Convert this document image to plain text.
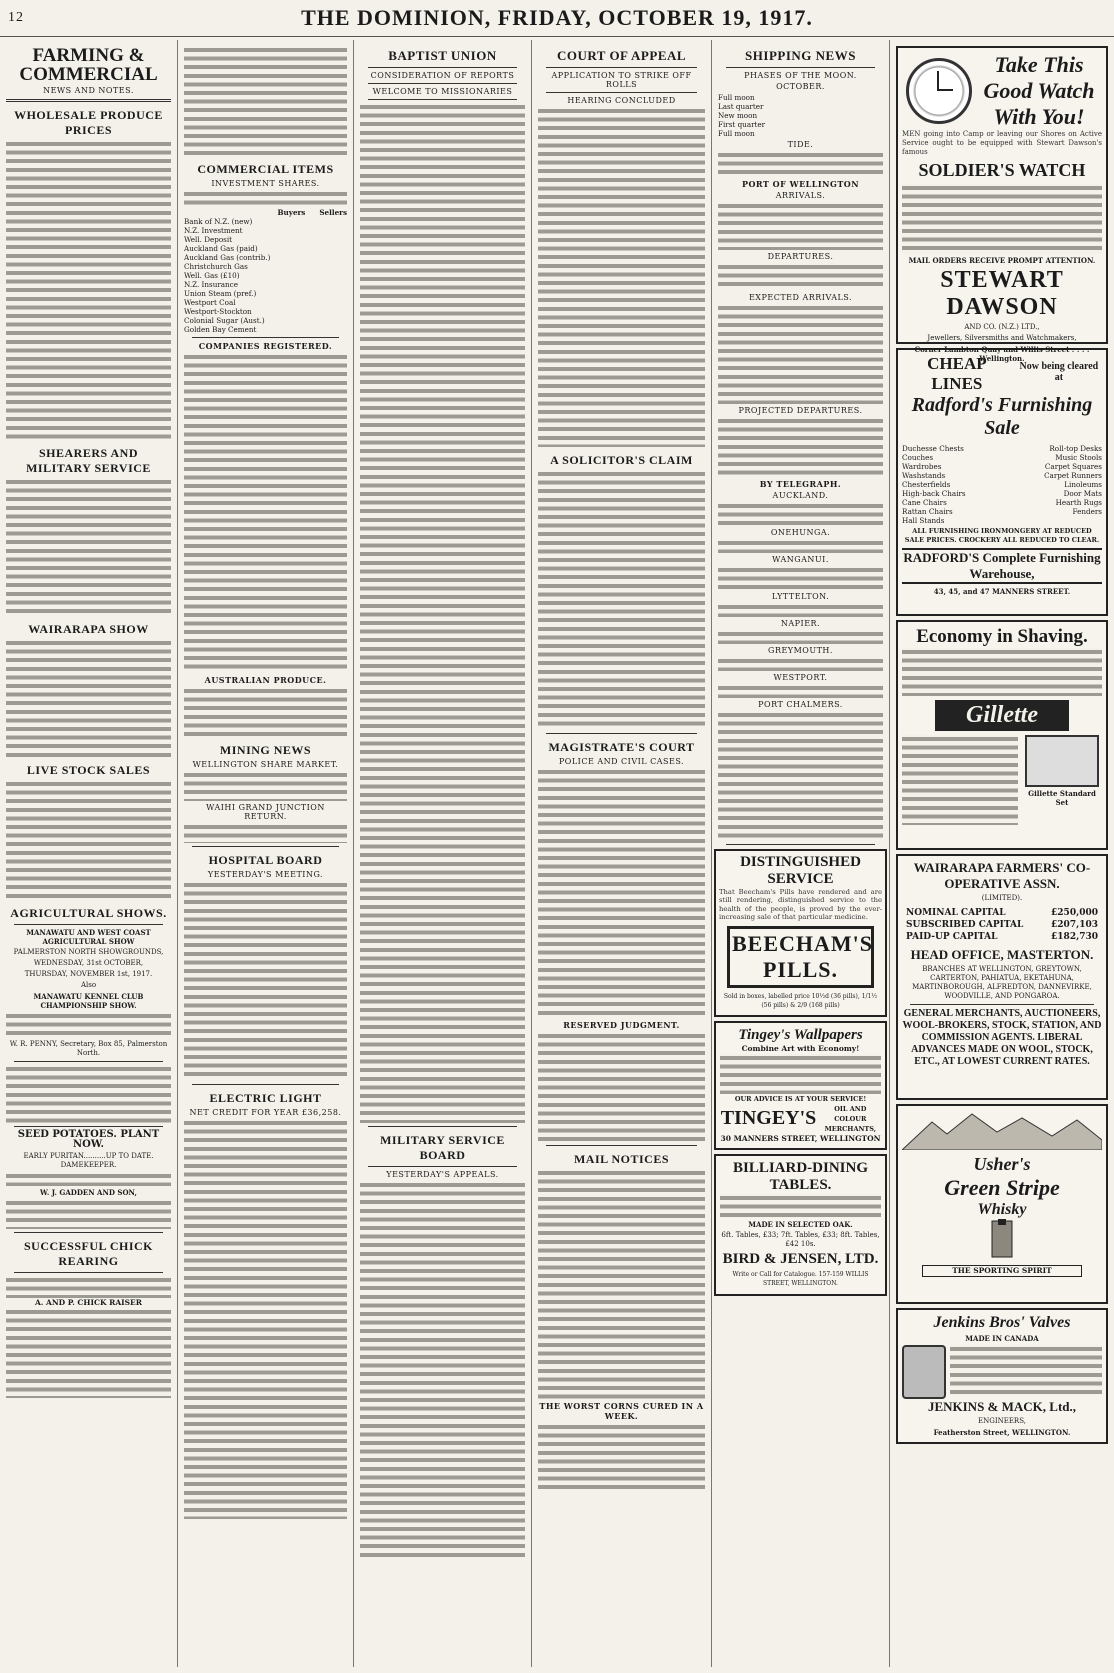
12	THE DOMINION, FRIDAY, OCTOBER 19, 1917.
FARMING & COMMERCIAL
NEWS AND NOTES.
WHOLESALE PRODUCE PRICES

SHEARERS AND MILITARY SERVICE

WAIRARAPA SHOW

LIVE STOCK SALES

AGRICULTURAL SHOWS.
MANAWATU AND WEST COAST AGRICULTURAL SHOW
PALMERSTON NORTH SHOWGROUNDS,
WEDNESDAY, 31st OCTOBER,
THURSDAY, NOVEMBER 1st, 1917.
Also
MANAWATU KENNEL CLUB CHAMPIONSHIP SHOW.

W. R. PENNY, Secretary, Box 85, Palmerston North.

SEED POTATOES. PLANT NOW.
EARLY PURITAN..........UP TO DATE. DAMEKEEPER.

W. J. GADDEN AND SON,

SUCCESSFUL CHICK REARING

A. AND P. CHICK RAISER

COMMERCIAL ITEMS
INVESTMENT SHARES.

Buyers Sellers
Bank of N.Z. (new)
N.Z. Investment
Well. Deposit
Auckland Gas (paid)
Auckland Gas (contrib.)
Christchurch Gas
Well. Gas (£10)
N.Z. Insurance
Union Steam (pref.)
Westport Coal
Westport-Stockton
Colonial Sugar (Aust.)
Golden Bay Cement
COMPANIES REGISTERED.

AUSTRALIAN PRODUCE.

MINING NEWS
WELLINGTON SHARE MARKET.

WAIHI GRAND JUNCTION RETURN.

HOSPITAL BOARD
YESTERDAY'S MEETING.

ELECTRIC LIGHT
NET CREDIT FOR YEAR £36,258.

BAPTIST UNION
CONSIDERATION OF REPORTS
WELCOME TO MISSIONARIES

MILITARY SERVICE BOARD
YESTERDAY'S APPEALS.

COURT OF APPEAL
APPLICATION TO STRIKE OFF ROLLS
HEARING CONCLUDED

A SOLICITOR'S CLAIM

MAGISTRATE'S COURT
POLICE AND CIVIL CASES.

RESERVED JUDGMENT.

MAIL NOTICES

THE WORST CORNS CURED IN A WEEK.

SHIPPING NEWS
PHASES OF THE MOON.
OCTOBER.
Full moon
Last quarter
New moon
First quarter
Full moon
TIDE.

PORT OF WELLINGTON
ARRIVALS.

DEPARTURES.

EXPECTED ARRIVALS.

PROJECTED DEPARTURES.

BY TELEGRAPH.
AUCKLAND.

ONEHUNGA.

WANGANUI.

LYTTELTON.

NAPIER.

GREYMOUTH.

WESTPORT.

PORT CHALMERS.

DISTINGUISHED SERVICE

That Beecham's Pills have rendered and are still rendering, distinguished service to the health of the people, is proved by the ever-increasing sale of that particular medicine.

BEECHAM'S PILLS.
Sold in boxes, labelled price 10½d (36 pills), 1/1½ (56 pills) & 2/9 (168 pills)
Tingey's Wallpapers
Combine Art with Economy!

OUR ADVICE IS AT YOUR SERVICE!
TINGEY'S	OIL AND COLOUR MERCHANTS,
30 MANNERS STREET, WELLINGTON
BILLIARD-DINING TABLES.

MADE IN SELECTED OAK.
6ft. Tables, £33; 7ft. Tables, £33; 8ft. Tables, £42 10s.
BIRD & JENSEN, LTD.
Write or Call for Catalogue. 157-159 WILLIS STREET, WELLINGTON.
Take This
Good Watch
With You!

MEN going into Camp or leaving our Shores on Active Service ought to be equipped with Stewart Dawson's famous

SOLDIER'S WATCH

MAIL ORDERS RECEIVE PROMPT ATTENTION.
STEWART DAWSON
AND CO. (N.Z.) LTD.,
Jewellers, Silversmiths and Watchmakers,
Corner Lambton Quay and Willis Street : : : : Wellington.
CHEAP LINES
Now being cleared at
Radford's Furnishing Sale
Duchesse Chests	Roll-top Desks
Couches	Music Stools
Wardrobes	Carpet Squares
Washstands	Carpet Runners
Chesterfields	Linoleums
High-back Chairs	Door Mats
Cane Chairs	Hearth Rugs
Rattan Chairs	Fenders
Hall Stands
ALL FURNISHING IRONMONGERY AT REDUCED SALE PRICES. CROCKERY ALL REDUCED TO CLEAR.
RADFORD'S Complete Furnishing Warehouse,
43, 45, and 47 MANNERS STREET.
Economy in Shaving.

Gillette

Gillette Standard Set
WAIRARAPA FARMERS' CO-OPERATIVE ASSN.
(LIMITED).
NOMINAL CAPITAL	£250,000
SUBSCRIBED CAPITAL	£207,103
PAID-UP CAPITAL	£182,730
HEAD OFFICE, MASTERTON.
BRANCHES AT WELLINGTON, GREYTOWN, CARTERTON, PAHIATUA, EKETAHUNA, MARTINBOROUGH, ALFREDTON, DANNEVIRKE, WOODVILLE, AND PONGAROA.
GENERAL MERCHANTS, AUCTIONEERS, WOOL-BROKERS, STOCK, STATION, AND COMMISSION AGENTS. LIBERAL ADVANCES MADE ON WOOL, STOCK, ETC., AT LOWEST CURRENT RATES.
Usher's
Green Stripe
Whisky
THE SPORTING SPIRIT
Jenkins Bros' Valves
MADE IN CANADA

JENKINS & MACK, Ltd.,
ENGINEERS,
Featherston Street, WELLINGTON.
